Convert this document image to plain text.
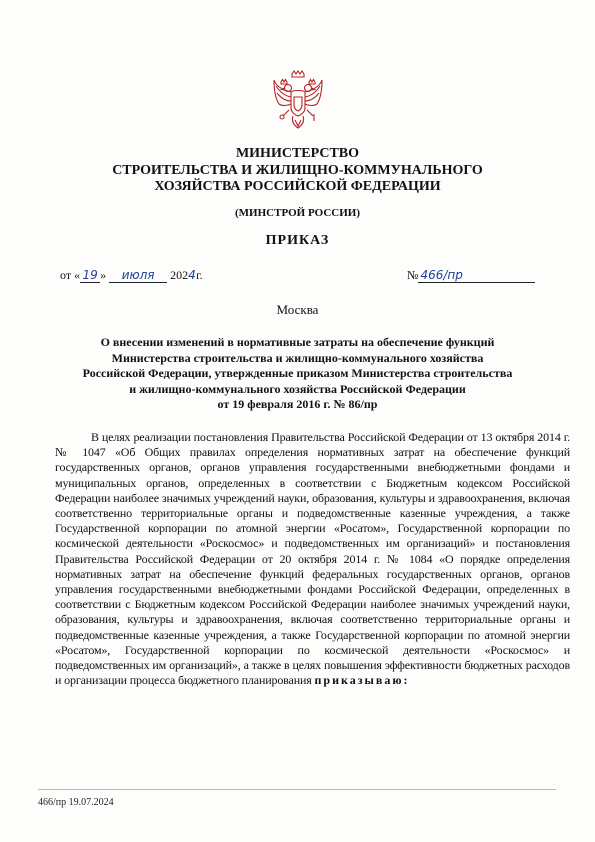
МИНИСТЕРСТВО
СТРОИТЕЛЬСТВА И ЖИЛИЩНО-КОММУНАЛЬНОГО
ХОЗЯЙСТВА РОССИЙСКОЙ ФЕДЕРАЦИИ
(МИНСТРОЙ РОССИИ)
ПРИКАЗ
от « 19 » июля 2024г.	№ 466/пр
Москва
О внесении изменений в нормативные затраты на обеспечение функций
Министерства строительства и жилищно-коммунального хозяйства
Российской Федерации, утвержденные приказом Министерства строительства
и жилищно-коммунального хозяйства Российской Федерации
от 19 февраля 2016 г. № 86/пр
В целях реализации постановления Правительства Российской Федерации от 13 октября 2014 г. № 1047 «Об Общих правилах определения нормативных затрат на обеспечение функций государственных органов, органов управления государственными внебюджетными фондами и муниципальных органов, определенных в соответствии с Бюджетным кодексом Российской Федерации наиболее значимых учреждений науки, образования, культуры и здравоохранения, включая соответственно территориальные органы и подведомственные казенные учреждения, а также Государственной корпорации по атомной энергии «Росатом», Государственной корпорации по космической деятельности «Роскосмос» и подведомственных им организаций» и постановления Правительства Российской Федерации от 20 октября 2014 г. № 1084 «О порядке определения нормативных затрат на обеспечение функций федеральных государственных органов, органов управления государственными внебюджетными фондами Российской Федерации, определенных в соответствии с Бюджетным кодексом Российской Федерации наиболее значимых учреждений науки, образования, культуры и здравоохранения, включая соответственно территориальные органы и подведомственные казенные учреждения, а также Государственной корпорации по атомной энергии «Росатом», Государственной корпорации по космической деятельности «Роскосмос» и подведомственных им организаций», а также в целях повышения эффективности бюджетных расходов и организации процесса бюджетного планирования приказываю:
466/пр 19.07.2024
